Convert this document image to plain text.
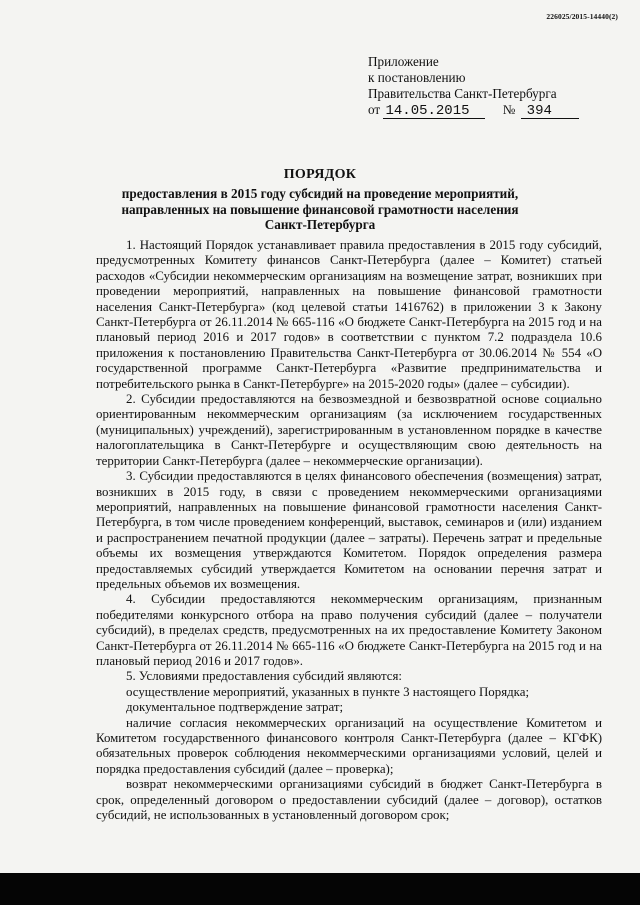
226025/2015-14440(2)
Приложение
к постановлению
Правительства Санкт-Петербурга
от 14.05.2015	№ 394
ПОРЯДОК
предоставления в 2015 году субсидий на проведение мероприятий, направленных на повышение финансовой грамотности населения Санкт-Петербурга

1. Настоящий Порядок устанавливает правила предоставления в 2015 году субсидий, предусмотренных Комитету финансов Санкт-Петербурга (далее – Комитет) статьей расходов «Субсидии некоммерческим организациям на возмещение затрат, возникших при проведении мероприятий, направленных на повышение финансовой грамотности населения Санкт-Петербурга» (код целевой статьи 1416762) в приложении 3 к Закону Санкт-Петербурга от 26.11.2014 № 665-116 «О бюджете Санкт-Петербурга на 2015 год и на плановый период 2016 и 2017 годов» в соответствии с пунктом 7.2 подраздела 10.6 приложения к постановлению Правительства Санкт-Петербурга от 30.06.2014 № 554 «О государственной программе Санкт-Петербурга «Развитие предпринимательства и потребительского рынка в Санкт-Петербурге» на 2015-2020 годы» (далее – субсидии).

2. Субсидии предоставляются на безвозмездной и безвозвратной основе социально ориентированным некоммерческим организациям (за исключением государственных (муниципальных) учреждений), зарегистрированным в установленном порядке в качестве налогоплательщика в Санкт-Петербурге и осуществляющим свою деятельность на территории Санкт-Петербурга (далее – некоммерческие организации).

3. Субсидии предоставляются в целях финансового обеспечения (возмещения) затрат, возникших в 2015 году, в связи с проведением некоммерческими организациями мероприятий, направленных на повышение финансовой грамотности населения Санкт-Петербурга, в том числе проведением конференций, выставок, семинаров и (или) изданием и распространением печатной продукции (далее – затраты). Перечень затрат и предельные объемы их возмещения утверждаются Комитетом. Порядок определения размера предоставляемых субсидий утверждается Комитетом на основании перечня затрат и предельных объемов их возмещения.

4. Субсидии предоставляются некоммерческим организациям, признанным победителями конкурсного отбора на право получения субсидий (далее – получатели субсидий), в пределах средств, предусмотренных на их предоставление Комитету Законом Санкт-Петербурга от 26.11.2014 № 665-116 «О бюджете Санкт-Петербурга на 2015 год и на плановый период 2016 и 2017 годов».

5. Условиями предоставления субсидий являются:

осуществление мероприятий, указанных в пункте 3 настоящего Порядка;

документальное подтверждение затрат;

наличие согласия некоммерческих организаций на осуществление Комитетом и Комитетом государственного финансового контроля Санкт-Петербурга (далее – КГФК) обязательных проверок соблюдения некоммерческими организациями условий, целей и порядка предоставления субсидий (далее – проверка);

возврат некоммерческими организациями субсидий в бюджет Санкт-Петербурга в срок, определенный договором о предоставлении субсидий (далее – договор), остатков субсидий, не использованных в установленный договором срок;
